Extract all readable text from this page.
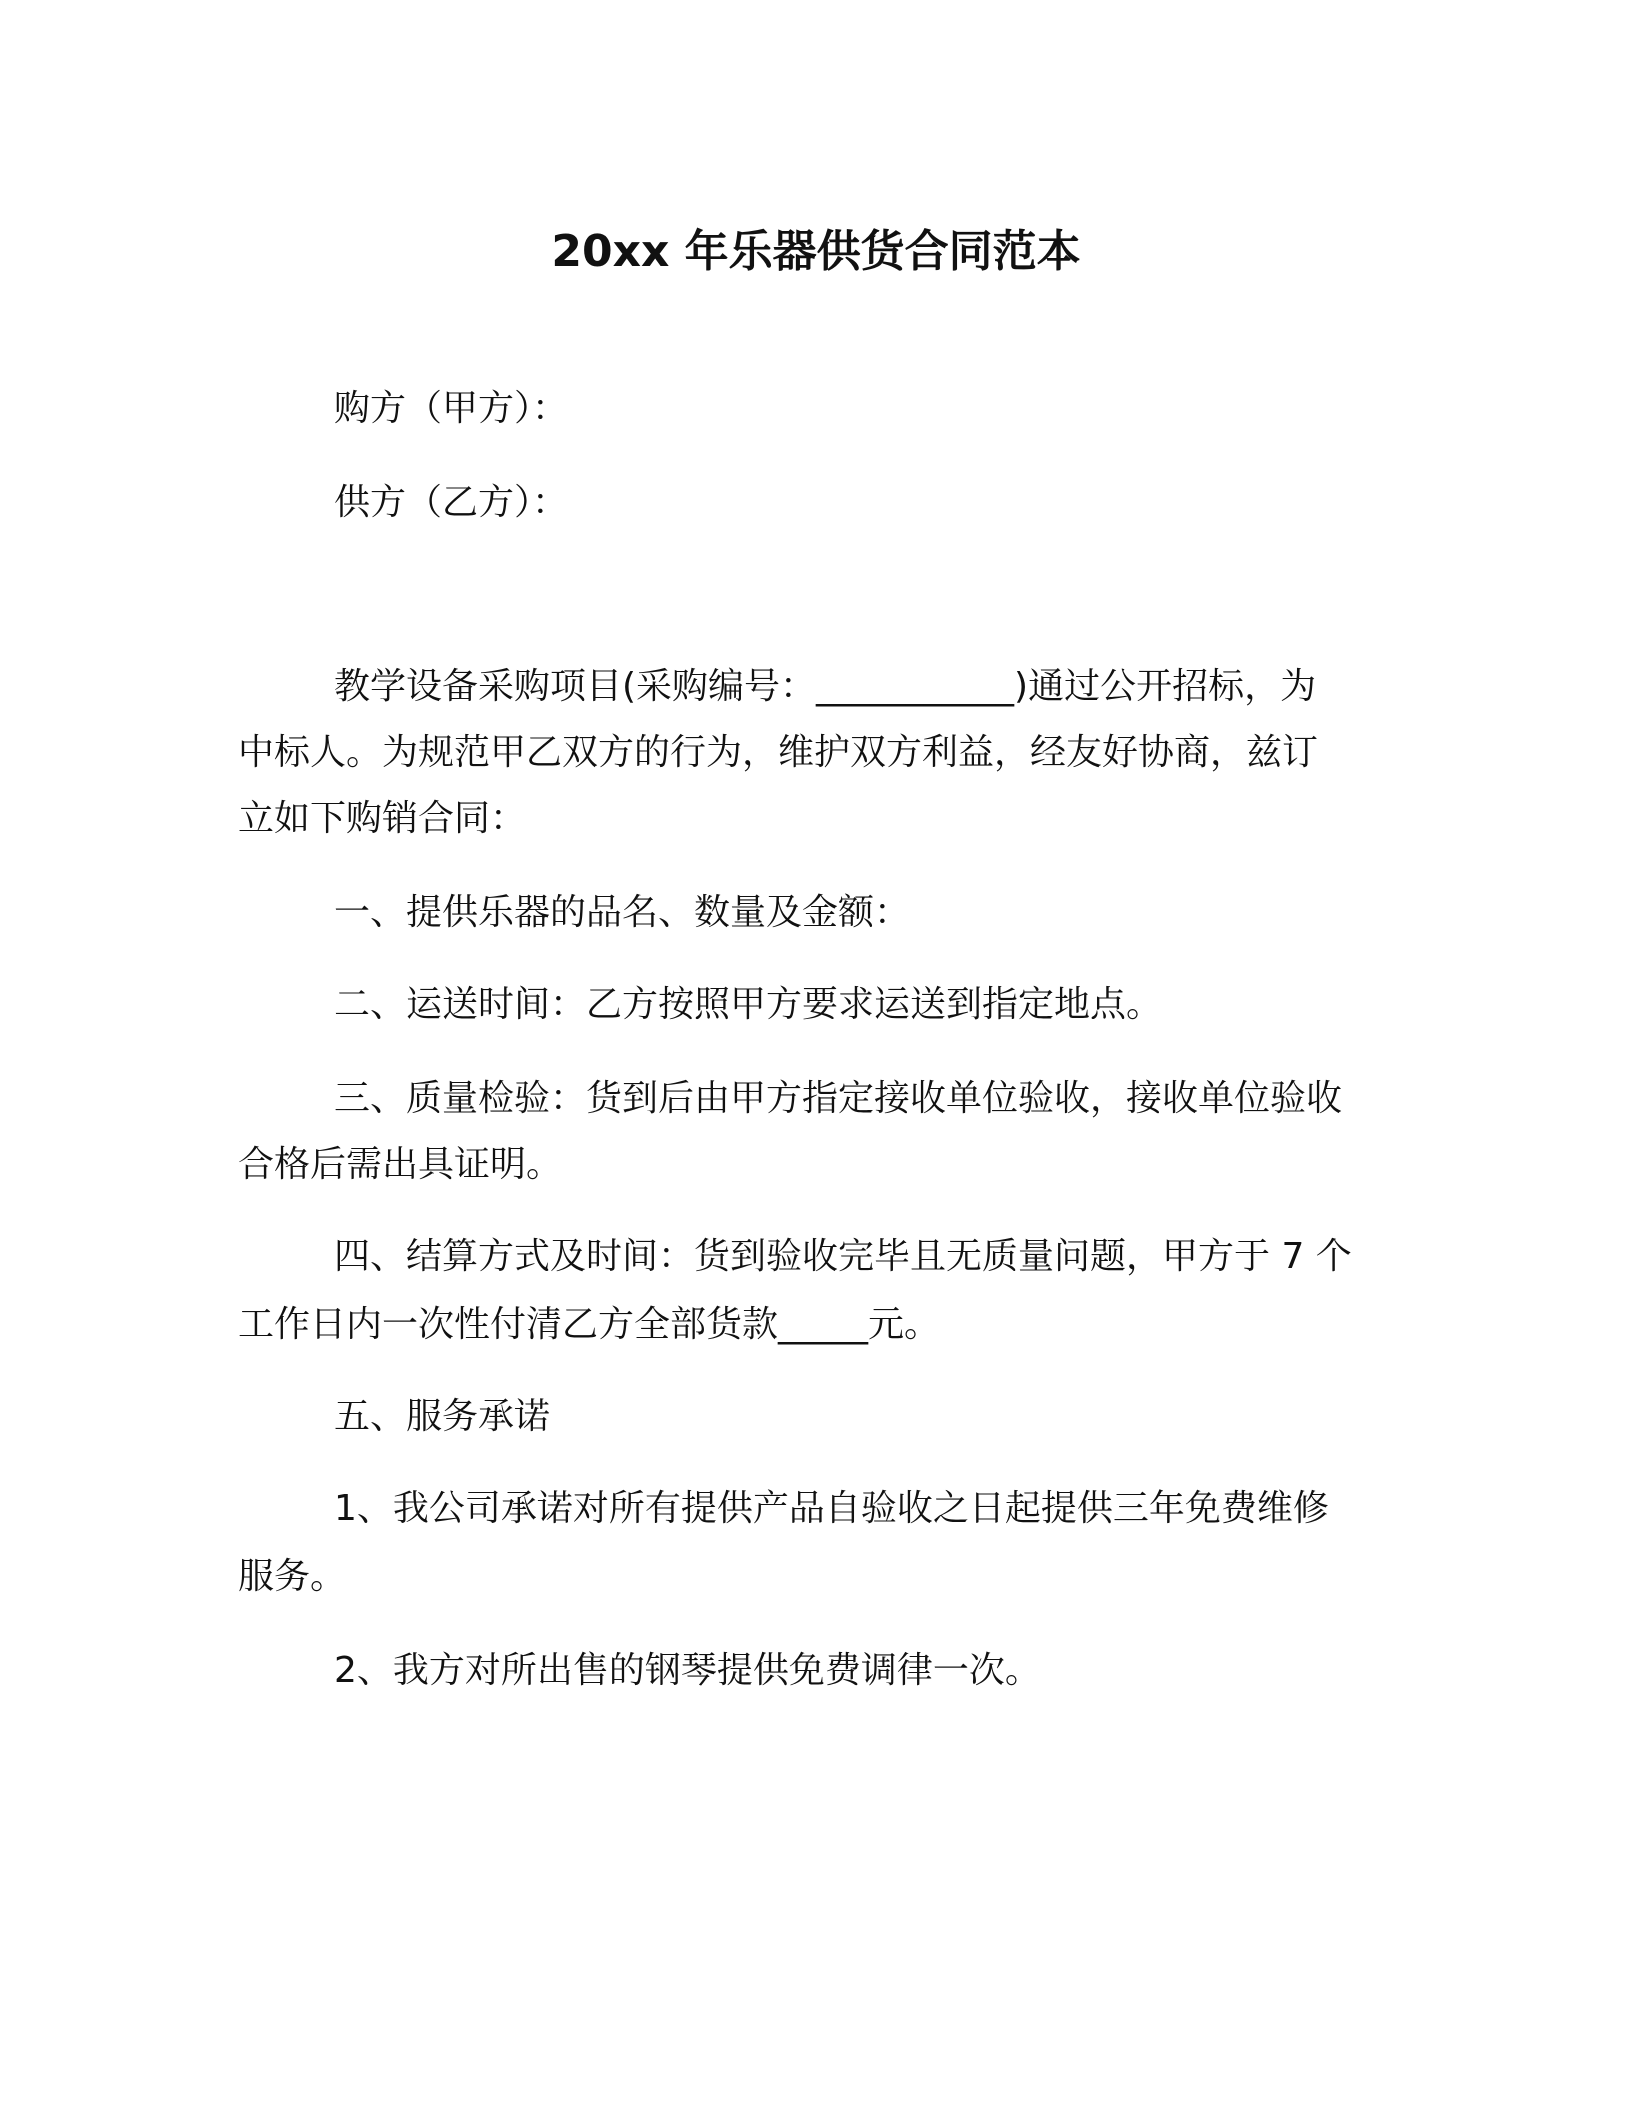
20xx 年乐器供货合同范本

购方（甲方）：

供方（乙方）：

教学设备采购项目(采购编号：___________)通过公开招标，为

中标人。为规范甲乙双方的行为，维护双方利益，经友好协商，兹订

立如下购销合同：

一、提供乐器的品名、数量及金额：

二、运送时间：乙方按照甲方要求运送到指定地点。

三、质量检验：货到后由甲方指定接收单位验收，接收单位验收

合格后需出具证明。

四、结算方式及时间：货到验收完毕且无质量问题，甲方于 7 个

工作日内一次性付清乙方全部货款_____元。

五、服务承诺

1、我公司承诺对所有提供产品自验收之日起提供三年免费维修

服务。

2、我方对所出售的钢琴提供免费调律一次。
